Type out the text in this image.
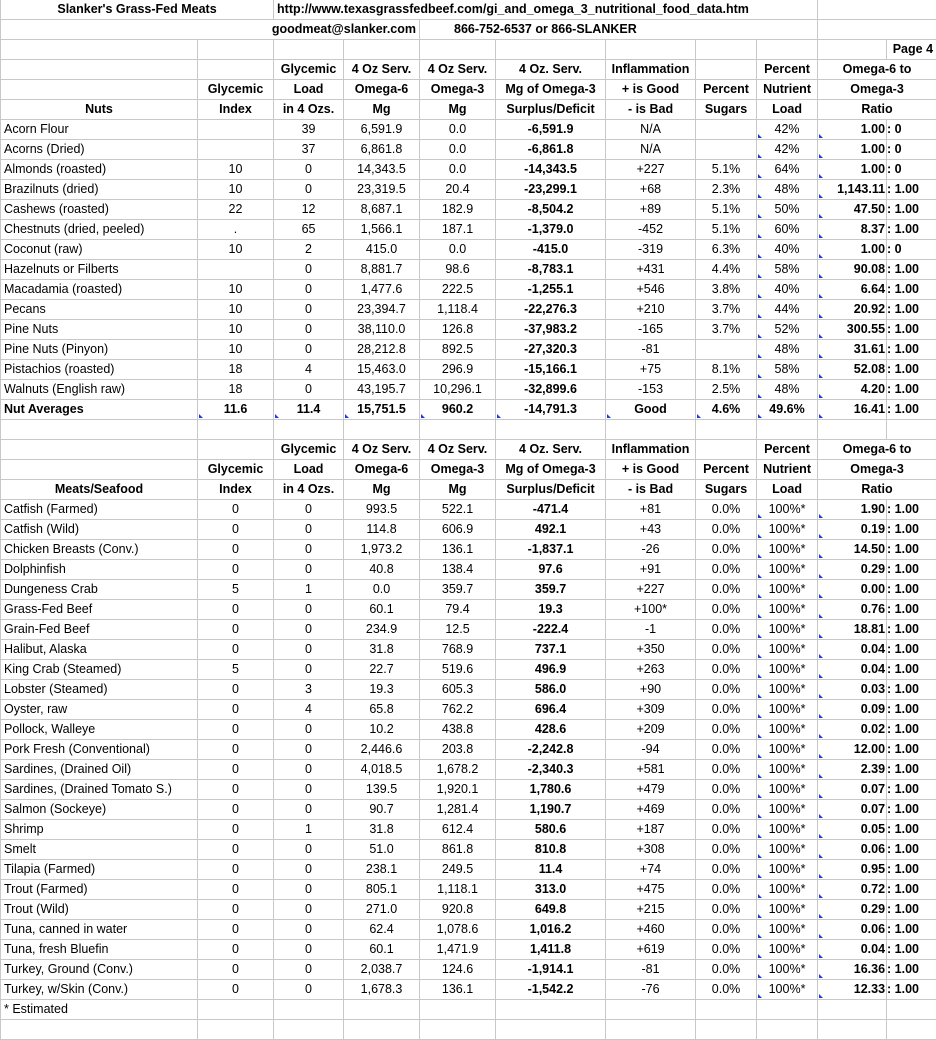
Slanker's Grass-Fed Meats		http://www.texasgrassfedbeef.com/gi_and_omega_3_nutritional_food_data.htm								
goodmeat@slanker.com				866-752-6537 or 866-SLANKER						
										Page 4
		Glycemic	4 Oz Serv.	4 Oz Serv.	4 Oz. Serv.	Inflammation		Percent	Omega-6 to	
	Glycemic	Load	Omega-6	Omega-3	Mg of Omega-3	+ is Good	Percent	Nutrient	Omega-3	
Nuts	Index	in 4 Ozs.	Mg	Mg	Surplus/Deficit	- is Bad	Sugars	Load	Ratio	
Acorn Flour		39	6,591.9	0.0	-6,591.9	N/A		42%	1.00	: 0
Acorns (Dried)		37	6,861.8	0.0	-6,861.8	N/A		42%	1.00	: 0
Almonds (roasted)	10	0	14,343.5	0.0	-14,343.5	+227	5.1%	64%	1.00	: 0
Brazilnuts (dried)	10	0	23,319.5	20.4	-23,299.1	+68	2.3%	48%	1,143.11	: 1.00
Cashews (roasted)	22	12	8,687.1	182.9	-8,504.2	+89	5.1%	50%	47.50	: 1.00
Chestnuts (dried, peeled)	.	65	1,566.1	187.1	-1,379.0	-452	5.1%	60%	8.37	: 1.00
Coconut (raw)	10	2	415.0	0.0	-415.0	-319	6.3%	40%	1.00	: 0
Hazelnuts or Filberts		0	8,881.7	98.6	-8,783.1	+431	4.4%	58%	90.08	: 1.00
Macadamia (roasted)	10	0	1,477.6	222.5	-1,255.1	+546	3.8%	40%	6.64	: 1.00
Pecans	10	0	23,394.7	1,118.4	-22,276.3	+210	3.7%	44%	20.92	: 1.00
Pine Nuts	10	0	38,110.0	126.8	-37,983.2	-165	3.7%	52%	300.55	: 1.00
Pine Nuts (Pinyon)	10	0	28,212.8	892.5	-27,320.3	-81		48%	31.61	: 1.00
Pistachios (roasted)	18	4	15,463.0	296.9	-15,166.1	+75	8.1%	58%	52.08	: 1.00
Walnuts (English raw)	18	0	43,195.7	10,296.1	-32,899.6	-153	2.5%	48%	4.20	: 1.00
Nut Averages	11.6	11.4	15,751.5	960.2	-14,791.3	Good	4.6%	49.6%	16.41	: 1.00

		Glycemic	4 Oz Serv.	4 Oz Serv.	4 Oz. Serv.	Inflammation		Percent	Omega-6 to	
	Glycemic	Load	Omega-6	Omega-3	Mg of Omega-3	+ is Good	Percent	Nutrient	Omega-3	
Meats/Seafood	Index	in 4 Ozs.	Mg	Mg	Surplus/Deficit	- is Bad	Sugars	Load	Ratio	
Catfish (Farmed)	0	0	993.5	522.1	-471.4	+81	0.0%	100%*	1.90	: 1.00
Catfish (Wild)	0	0	114.8	606.9	492.1	+43	0.0%	100%*	0.19	: 1.00
Chicken Breasts (Conv.)	0	0	1,973.2	136.1	-1,837.1	-26	0.0%	100%*	14.50	: 1.00
Dolphinfish	0	0	40.8	138.4	97.6	+91	0.0%	100%*	0.29	: 1.00
Dungeness Crab	5	1	0.0	359.7	359.7	+227	0.0%	100%*	0.00	: 1.00
Grass-Fed Beef	0	0	60.1	79.4	19.3	+100*	0.0%	100%*	0.76	: 1.00
Grain-Fed Beef	0	0	234.9	12.5	-222.4	-1	0.0%	100%*	18.81	: 1.00
Halibut, Alaska	0	0	31.8	768.9	737.1	+350	0.0%	100%*	0.04	: 1.00
King Crab (Steamed)	5	0	22.7	519.6	496.9	+263	0.0%	100%*	0.04	: 1.00
Lobster (Steamed)	0	3	19.3	605.3	586.0	+90	0.0%	100%*	0.03	: 1.00
Oyster, raw	0	4	65.8	762.2	696.4	+309	0.0%	100%*	0.09	: 1.00
Pollock, Walleye	0	0	10.2	438.8	428.6	+209	0.0%	100%*	0.02	: 1.00
Pork Fresh (Conventional)	0	0	2,446.6	203.8	-2,242.8	-94	0.0%	100%*	12.00	: 1.00
Sardines, (Drained Oil)	0	0	4,018.5	1,678.2	-2,340.3	+581	0.0%	100%*	2.39	: 1.00
Sardines, (Drained Tomato S.)	0	0	139.5	1,920.1	1,780.6	+479	0.0%	100%*	0.07	: 1.00
Salmon (Sockeye)	0	0	90.7	1,281.4	1,190.7	+469	0.0%	100%*	0.07	: 1.00
Shrimp	0	1	31.8	612.4	580.6	+187	0.0%	100%*	0.05	: 1.00
Smelt	0	0	51.0	861.8	810.8	+308	0.0%	100%*	0.06	: 1.00
Tilapia (Farmed)	0	0	238.1	249.5	11.4	+74	0.0%	100%*	0.95	: 1.00
Trout (Farmed)	0	0	805.1	1,118.1	313.0	+475	0.0%	100%*	0.72	: 1.00
Trout (Wild)	0	0	271.0	920.8	649.8	+215	0.0%	100%*	0.29	: 1.00
Tuna, canned in water	0	0	62.4	1,078.6	1,016.2	+460	0.0%	100%*	0.06	: 1.00
Tuna, fresh Bluefin	0	0	60.1	1,471.9	1,411.8	+619	0.0%	100%*	0.04	: 1.00
Turkey, Ground (Conv.)	0	0	2,038.7	124.6	-1,914.1	-81	0.0%	100%*	16.36	: 1.00
Turkey, w/Skin (Conv.)	0	0	1,678.3	136.1	-1,542.2	-76	0.0%	100%*	12.33	: 1.00
* Estimated										
